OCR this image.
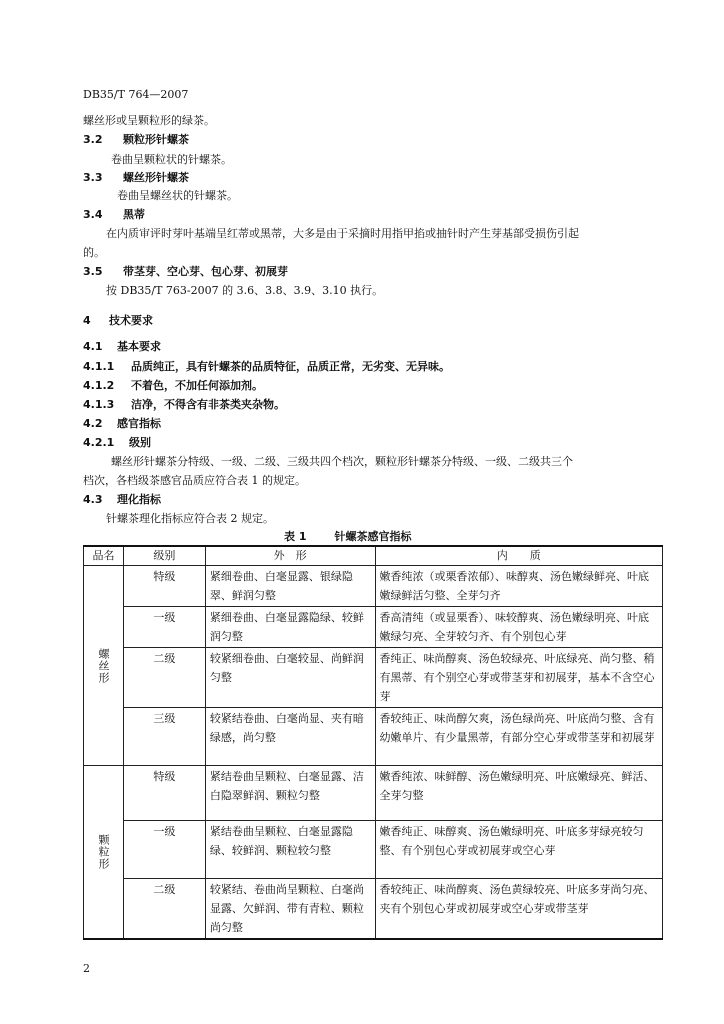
DB35/T 764—2007
螺丝形或呈颗粒形的绿茶。
3.2 颗粒形针螺茶
卷曲呈颗粒状的针螺茶。
3.3 螺丝形针螺茶
卷曲呈螺丝状的针螺茶。
3.4 黑蒂
在内质审评时芽叶基端呈红蒂或黑蒂，大多是由于采摘时用指甲掐或抽针时产生芽基部受损伤引起
的。
3.5 带茎芽、空心芽、包心芽、初展芽
按 DB35/T 763-2007 的 3.6、3.8、3.9、3.10 执行。
4 技术要求
4.1 基本要求
4.1.1 品质纯正，具有针螺茶的品质特征，品质正常，无劣变、无异味。
4.1.2 不着色，不加任何添加剂。
4.1.3 洁净，不得含有非茶类夹杂物。
4.2 感官指标
4.2.1 级别
螺丝形针螺茶分特级、一级、二级、三级共四个档次，颗粒形针螺茶分特级、一级、二级共三个
档次，各档级茶感官品质应符合表 1 的规定。
4.3 理化指标
针螺茶理化指标应符合表 2 规定。
表 1	针螺茶感官指标
品名	级别	外　形	内　　质
螺丝形	特级	紧细卷曲、白毫显露、银绿隐翠、鲜润匀整	嫩香纯浓（或栗香浓郁）、味醇爽、汤色嫩绿鲜亮、叶底嫩绿鲜活匀整、全芽匀齐
	一级	紧细卷曲、白毫显露隐绿、较鲜润匀整	香高清纯（或显栗香）、味较醇爽、汤色嫩绿明亮、叶底嫩绿匀亮、全芽较匀齐、有个别包心芽
	二级	较紧细卷曲、白毫较显、尚鲜润匀整	香纯正、味尚醇爽、汤色较绿亮、叶底绿亮、尚匀整、稍有黑蒂、有个别空心芽或带茎芽和初展芽，基本不含空心芽
	三级	较紧结卷曲、白毫尚显、夹有暗绿感，尚匀整	香较纯正、味尚醇欠爽，汤色绿尚亮、叶底尚匀整、含有幼嫩单片、有少量黑蒂，有部分空心芽或带茎芽和初展芽
颗粒形	特级	紧结卷曲呈颗粒、白毫显露、洁白隐翠鲜润、颗粒匀整	嫩香纯浓、味鲜醇、汤色嫩绿明亮、叶底嫩绿亮、鲜活、全芽匀整
	一级	紧结卷曲呈颗粒、白毫显露隐绿、较鲜润、颗粒较匀整	嫩香纯正、味醇爽、汤色嫩绿明亮、叶底多芽绿亮较匀整、有个别包心芽或初展芽或空心芽
	二级	较紧结、卷曲尚呈颗粒、白毫尚显露、欠鲜润、带有青粒、颗粒尚匀整	香较纯正、味尚醇爽、汤色黄绿较亮、叶底多芽尚匀亮、夹有个别包心芽或初展芽或空心芽或带茎芽
2
